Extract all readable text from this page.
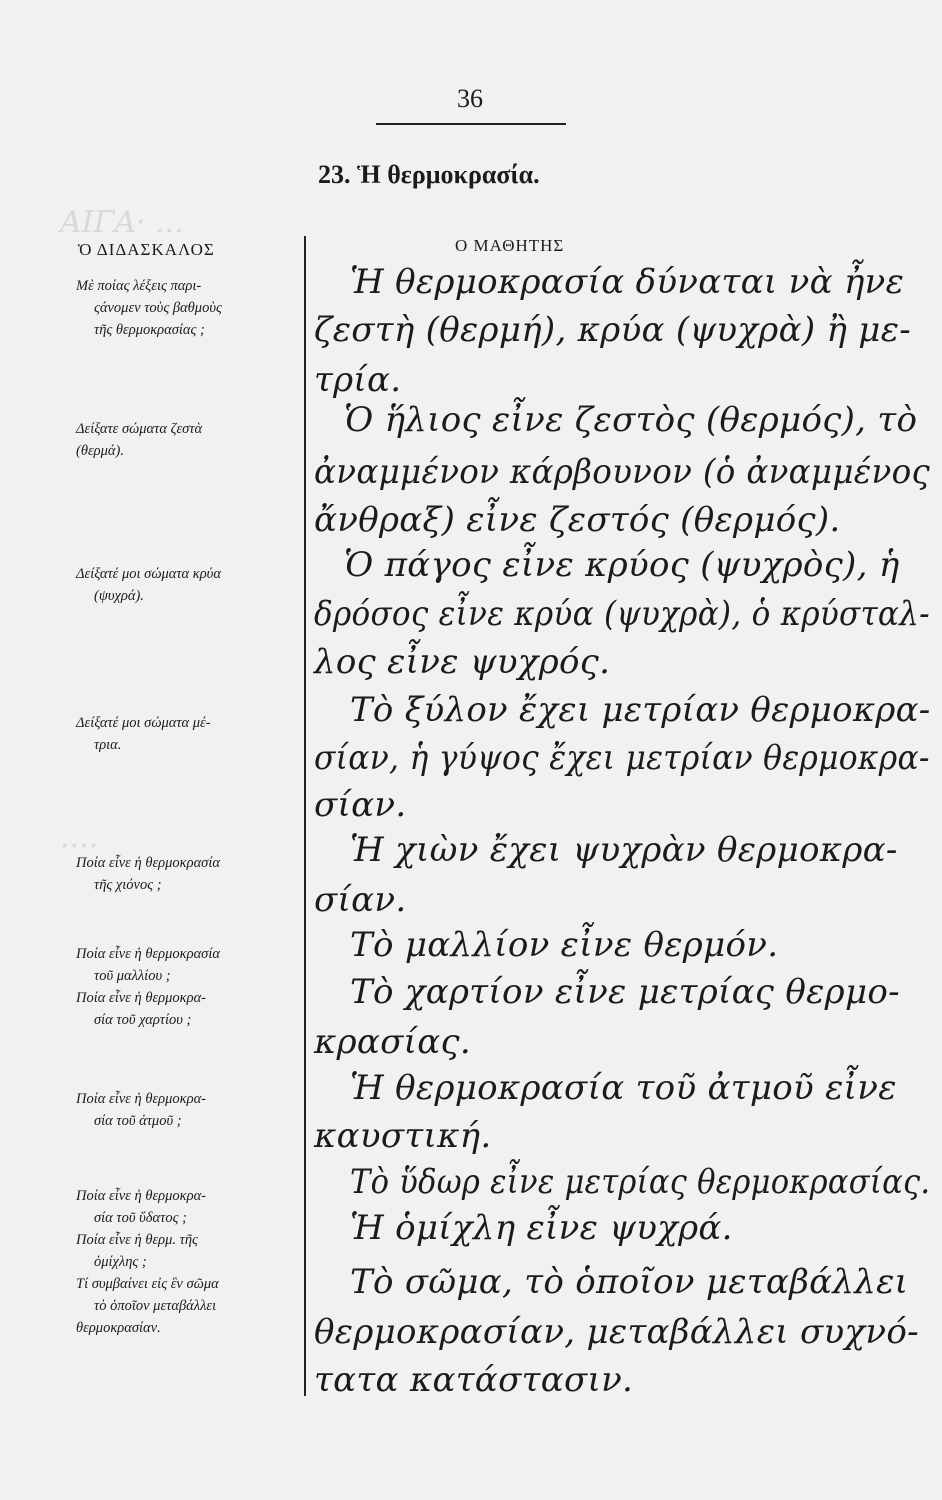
ΑΙΓΑ· ...
....
36
23. Ἡ θερμοκρασία.
Ὁ ΔΙΔΑΣΚΑΛΟΣ	Ο ΜΑΘΗΤΗΣ
Μὲ ποίας λέξεις παρι-
ςάνομεν τοὺς βαθμοὺς
τῆς θερμοκρασίας ;
Δείξατε σώματα ζεστὰ
(θερμά).
Δείξατέ μοι σώματα κρύα
(ψυχρά).
Δείξατέ μοι σώματα μέ-
τρια.
Ποία εἶνε ἡ θερμοκρασία
τῆς χιόνος ;
Ποία εἶνε ἡ θερμοκρασία
τοῦ μαλλίου ;
Ποία εἶνε ἡ θερμοκρα-
σία τοῦ χαρτίου ;
Ποία εἶνε ἡ θερμοκρα-
σία τοῦ ἀτμοῦ ;
Ποία εἶνε ἡ θερμοκρα-
σία τοῦ ὕδατος ;
Ποία εἶνε ἡ θερμ. τῆς
ὁμίχλης ;
Τί συμβαίνει εἰς ἓν σῶμα
τὸ ὁποῖον μεταβάλλει
θερμοκρασίαν.
Ἡ θερμοκρασία δύναται νὰ ἦνε
ζεστὴ (θερμή), κρύα (ψυχρὰ) ἢ με-
τρία.
Ὁ ἥλιος εἶνε ζεστὸς (θερμός), τὸ
ἀναμμένον κάρβουνον (ὁ ἀναμμένος
ἄνθραξ) εἶνε ζεστός (θερμός).
Ὁ πάγος εἶνε κρύος (ψυχρὸς), ἡ
δρόσος εἶνε κρύα (ψυχρὰ), ὁ κρύσταλ-
λος εἶνε ψυχρός.
Τὸ ξύλον ἔχει μετρίαν θερμοκρα-
σίαν, ἡ γύψος ἔχει μετρίαν θερμοκρα-
σίαν.
Ἡ χιὼν ἔχει ψυχρὰν θερμοκρα-
σίαν.
Τὸ μαλλίον εἶνε θερμόν.
Τὸ χαρτίον εἶνε μετρίας θερμο-
κρασίας.
Ἡ θερμοκρασία τοῦ ἀτμοῦ εἶνε
καυστική.
Τὸ ὕδωρ εἶνε μετρίας θερμοκρασίας.
Ἡ ὁμίχλη εἶνε ψυχρά.
Τὸ σῶμα, τὸ ὁποῖον μεταβάλλει
θερμοκρασίαν, μεταβάλλει συχνό-
τατα κατάστασιν.
